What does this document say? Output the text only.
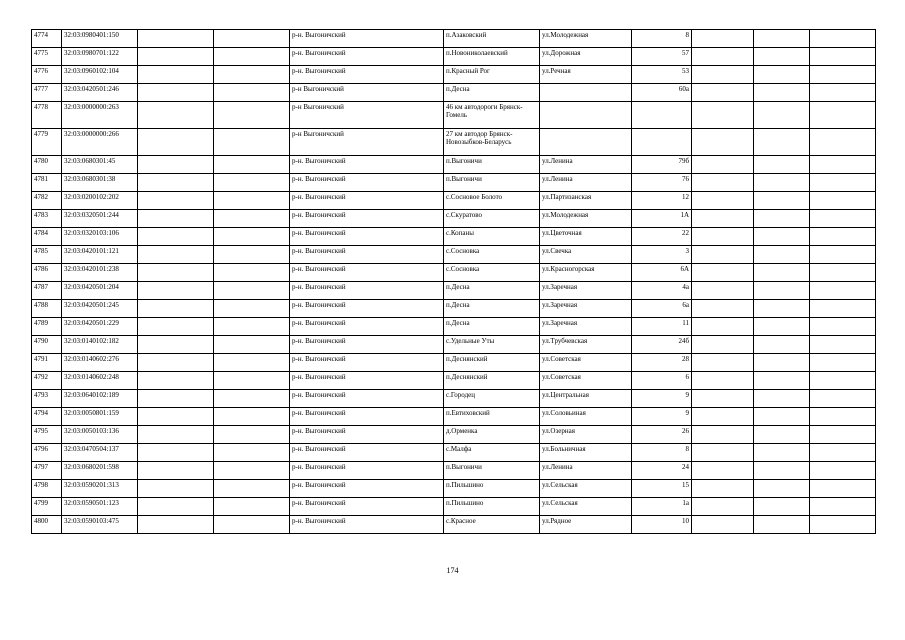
4774	32:03:0980401:150			р-н. Выгоничский	п.Азаковский	ул.Молодежная	8			
4775	32:03:0980701:122			р-н. Выгоничский	п.Новониколаевский	ул.Дорожная	57			
4776	32:03:0960102:104			р-н. Выгоничский	п.Красный Рог	ул.Речная	53			
4777	32:03:0420501:246			р-н Выгоничский	п.Десна		60а			
4778	32:03:0000000:263			р-н Выгоничский	46 км автодороги Брянск-Гомель					
4779	32:03:0000000:266			р-н Выгоничский	27 км автодор Брянск-Новозыбков-Беларусь					
4780	32:03:0680301:45			р-н. Выгоничский	п.Выгоничи	ул.Ленина	79б			
4781	32:03:0680301:38			р-н. Выгоничский	п.Выгоничи	ул.Ленина	76			
4782	32:03:0200102:202			р-н. Выгоничский	с.Сосновое Болото	ул.Партизанская	12			
4783	32:03:0320501:244			р-н. Выгоничский	с.Скуратово	ул.Молодежная	1А			
4784	32:03:0320103:106			р-н. Выгоничский	с.Копаны	ул.Цветочная	22			
4785	32:03:0420101:121			р-н. Выгоничский	с.Сосновка	ул.Свечка	3			
4786	32:03:0420101:238			р-н. Выгоничский	с.Сосновка	ул.Красногорская	6А			
4787	32:03:0420501:204			р-н. Выгоничский	п.Десна	ул.Заречная	4а			
4788	32:03:0420501:245			р-н. Выгоничский	п.Десна	ул.Заречная	6а			
4789	32:03:0420501:229			р-н. Выгоничский	п.Десна	ул.Заречная	11			
4790	32:03:0140102:182			р-н. Выгоничский	с.Удельные Уты	ул.Трубчевская	24б			
4791	32:03:0140602:276			р-н. Выгоничский	п.Деснянский	ул.Советская	28			
4792	32:03:0140602:248			р-н. Выгоничский	п.Деснянский	ул.Советская	6			
4793	32:03:0640102:189			р-н. Выгоничский	с.Городец	ул.Центральная	9			
4794	32:03:0050801:159			р-н. Выгоничский	п.Евтиховский	ул.Соловьиная	9			
4795	32:03:0050103:136			р-н. Выгоничский	д.Орменка	ул.Озерная	26			
4796	32:03:0470504:137			р-н. Выгоничский	с.Малфа	ул.Больничная	8			
4797	32:03:0680201:598			р-н. Выгоничский	п.Выгоничи	ул.Ленина	24			
4798	32:03:0590201:313			р-н. Выгоничский	п.Пильшино	ул.Сельская	15			
4799	32:03:0590501:123			р-н. Выгоничский	п.Пильшино	ул.Сельская	1а			
4800	32:03:0590103:475			р-н. Выгоничский	с.Красное	ул.Рядное	10			
174
